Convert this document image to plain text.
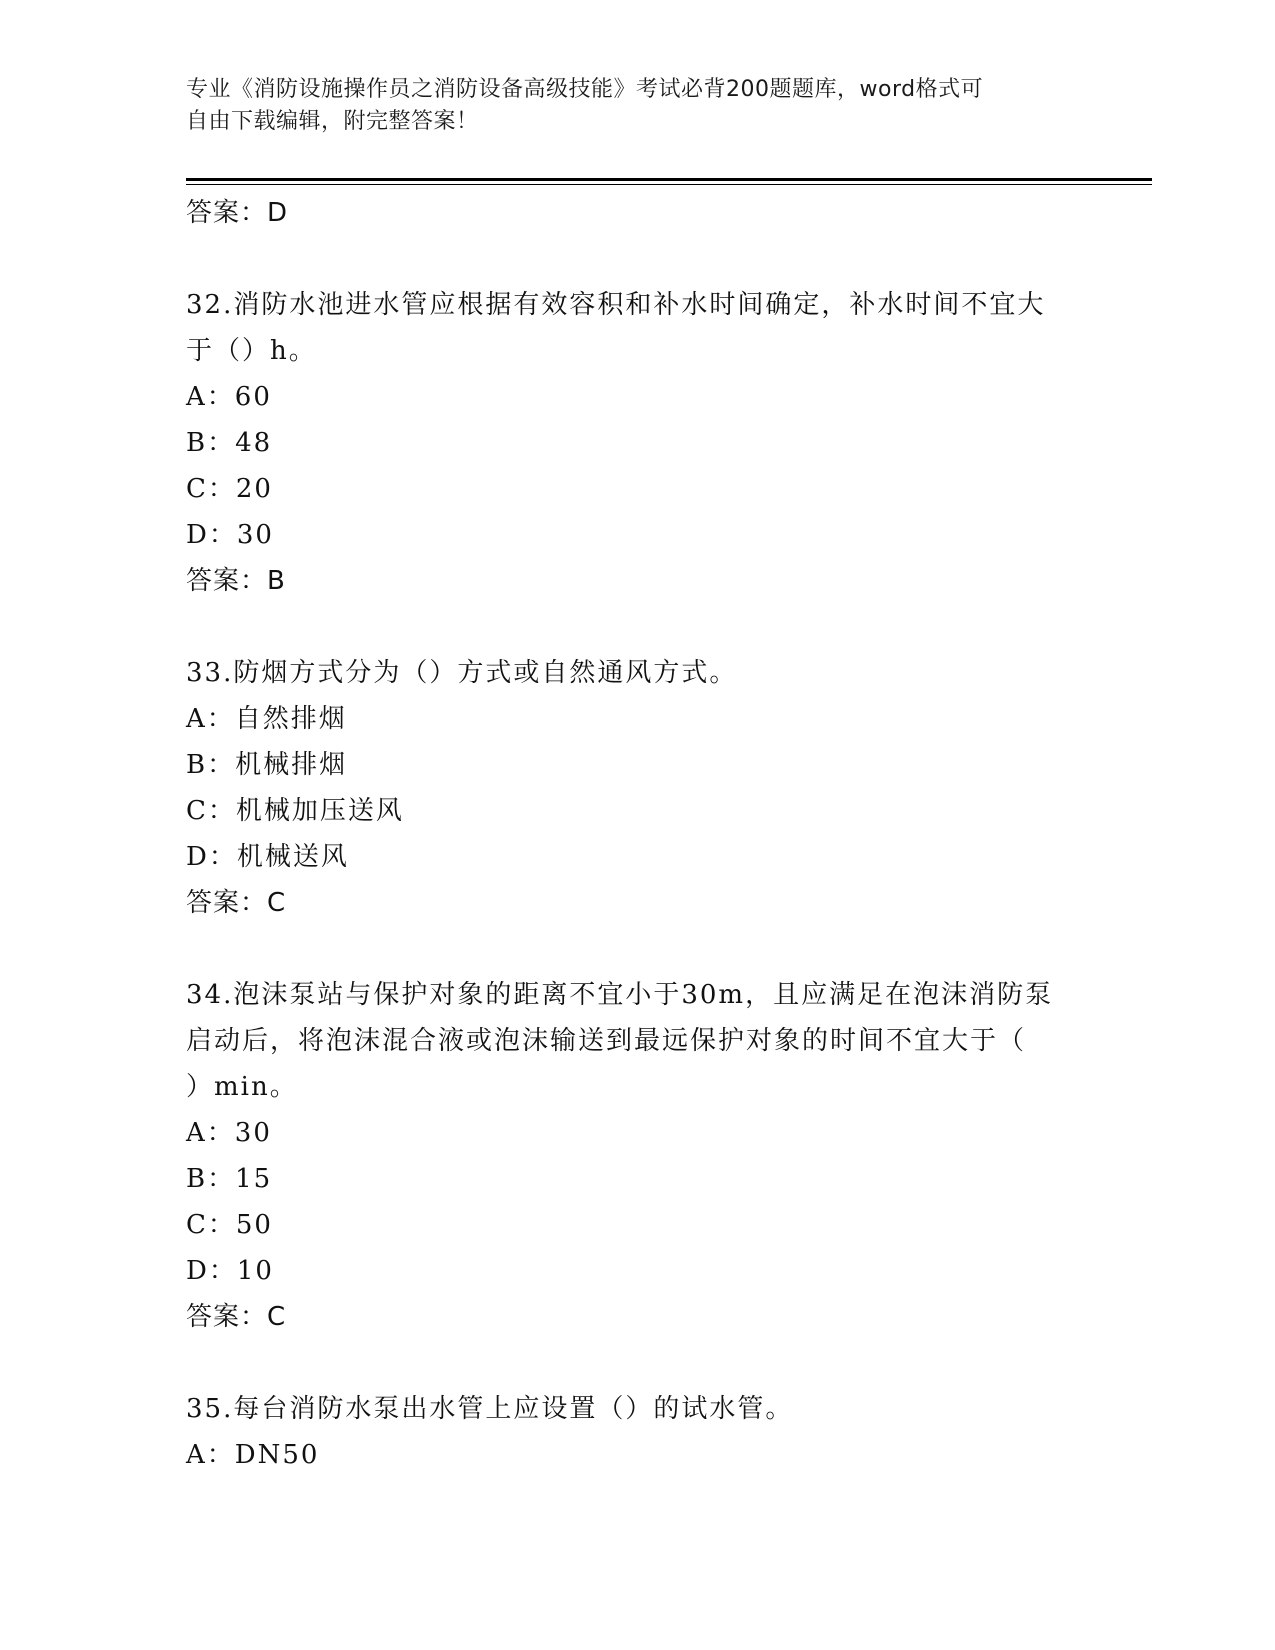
专业《消防设施操作员之消防设备高级技能》考试必背200题题库，word格式可
自由下载编辑，附完整答案！
答案：D
32.消防水池进水管应根据有效容积和补水时间确定，补水时间不宜大
于（）h。
A：60
B：48
C：20
D：30
答案：B
33.防烟方式分为（）方式或自然通风方式。
A：自然排烟
B：机械排烟
C：机械加压送风
D：机械送风
答案：C
34.泡沫泵站与保护对象的距离不宜小于30m，且应满足在泡沫消防泵
启动后，将泡沫混合液或泡沫输送到最远保护对象的时间不宜大于（
）min。
A：30
B：15
C：50
D：10
答案：C
35.每台消防水泵出水管上应设置（）的试水管。
A：DN50
